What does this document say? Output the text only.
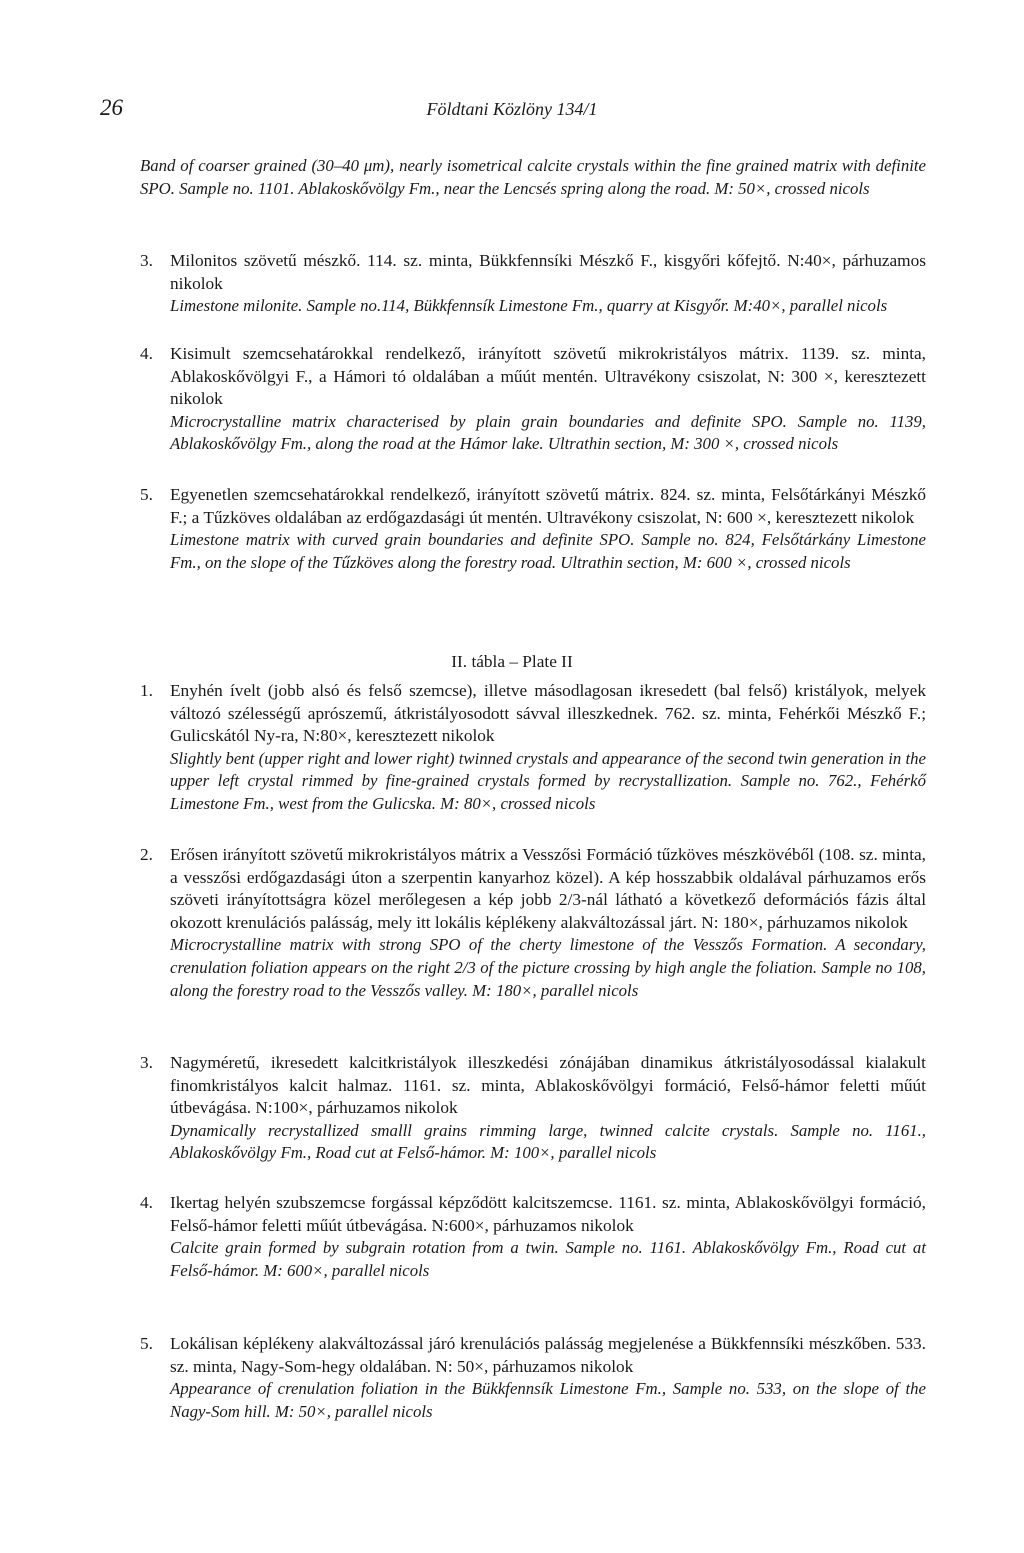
26	Földtani Közlöny 134/1

Band of coarser grained (30–40 μm), nearly isometrical calcite crystals within the fine grained matrix with definite SPO. Sample no. 1101. Ablakoskővölgy Fm., near the Lencsés spring along the road. M: 50×, crossed nicols

3. Milonitos szövetű mészkő. 114. sz. minta, Bükkfennsíki Mészkő F., kisgyőri kőfejtő. N:40×, párhuzamos nikolok

Limestone milonite. Sample no.114, Bükkfennsík Limestone Fm., quarry at Kisgyőr. M:40×, parallel nicols

4. Kisimult szemcsehatárokkal rendelkező, irányított szövetű mikrokristályos mátrix. 1139. sz. minta, Ablakoskővölgyi F., a Hámori tó oldalában a műút mentén. Ultravékony csiszolat, N: 300 ×, keresztezett nikolok

Microcrystalline matrix characterised by plain grain boundaries and definite SPO. Sample no. 1139, Ablakoskővölgy Fm., along the road at the Hámor lake. Ultrathin section, M: 300 ×, crossed nicols

5. Egyenetlen szemcsehatárokkal rendelkező, irányított szövetű mátrix. 824. sz. minta, Felsőtárkányi Mészkő F.; a Tűzköves oldalában az erdőgazdasági út mentén. Ultravékony csiszolat, N: 600 ×, keresztezett nikolok

Limestone matrix with curved grain boundaries and definite SPO. Sample no. 824, Felsőtárkány Limestone Fm., on the slope of the Tűzköves along the forestry road. Ultrathin section, M: 600 ×, crossed nicols

II. tábla – Plate II
1. Enyhén ívelt (jobb alsó és felső szemcse), illetve másodlagosan ikresedett (bal felső) kristályok, melyek változó szélességű aprószemű, átkristályosodott sávval illeszkednek. 762. sz. minta, Fehérkői Mészkő F.; Gulicskától Ny-ra, N:80×, keresztezett nikolok

Slightly bent (upper right and lower right) twinned crystals and appearance of the second twin generation in the upper left crystal rimmed by fine-grained crystals formed by recrystallization. Sample no. 762., Fehérkő Limestone Fm., west from the Gulicska. M: 80×, crossed nicols

2. Erősen irányított szövetű mikrokristályos mátrix a Vesszősi Formáció tűzköves mészkövéből (108. sz. minta, a vesszősi erdőgazdasági úton a szerpentin kanyarhoz közel). A kép hosszabbik oldalával párhuzamos erős szöveti irányítottságra közel merőlegesen a kép jobb 2/3-nál látható a következő deformációs fázis által okozott krenulációs palásság, mely itt lokális képlékeny alakváltozással járt. N: 180×, párhuzamos nikolok

Microcrystalline matrix with strong SPO of the cherty limestone of the Vesszős Formation. A secondary, crenulation foliation appears on the right 2/3 of the picture crossing by high angle the foliation. Sample no 108, along the forestry road to the Vesszős valley. M: 180×, parallel nicols

3. Nagyméretű, ikresedett kalcitkristályok illeszkedési zónájában dinamikus átkristályosodással kialakult finomkristályos kalcit halmaz. 1161. sz. minta, Ablakoskővölgyi formáció, Felső-hámor feletti műút útbevágása. N:100×, párhuzamos nikolok

Dynamically recrystallized smalll grains rimming large, twinned calcite crystals. Sample no. 1161., Ablakoskővölgy Fm., Road cut at Felső-hámor. M: 100×, parallel nicols

4. Ikertag helyén szubszemcse forgással képződött kalcitszemcse. 1161. sz. minta, Ablakoskővölgyi formáció, Felső-hámor feletti műút útbevágása. N:600×, párhuzamos nikolok

Calcite grain formed by subgrain rotation from a twin. Sample no. 1161. Ablakoskővölgy Fm., Road cut at Felső-hámor. M: 600×, parallel nicols

5. Lokálisan képlékeny alakváltozással járó krenulációs palásság megjelenése a Bükkfennsíki mészkőben. 533. sz. minta, Nagy-Som-hegy oldalában. N: 50×, párhuzamos nikolok

Appearance of crenulation foliation in the Bükkfennsík Limestone Fm., Sample no. 533, on the slope of the Nagy-Som hill. M: 50×, parallel nicols
